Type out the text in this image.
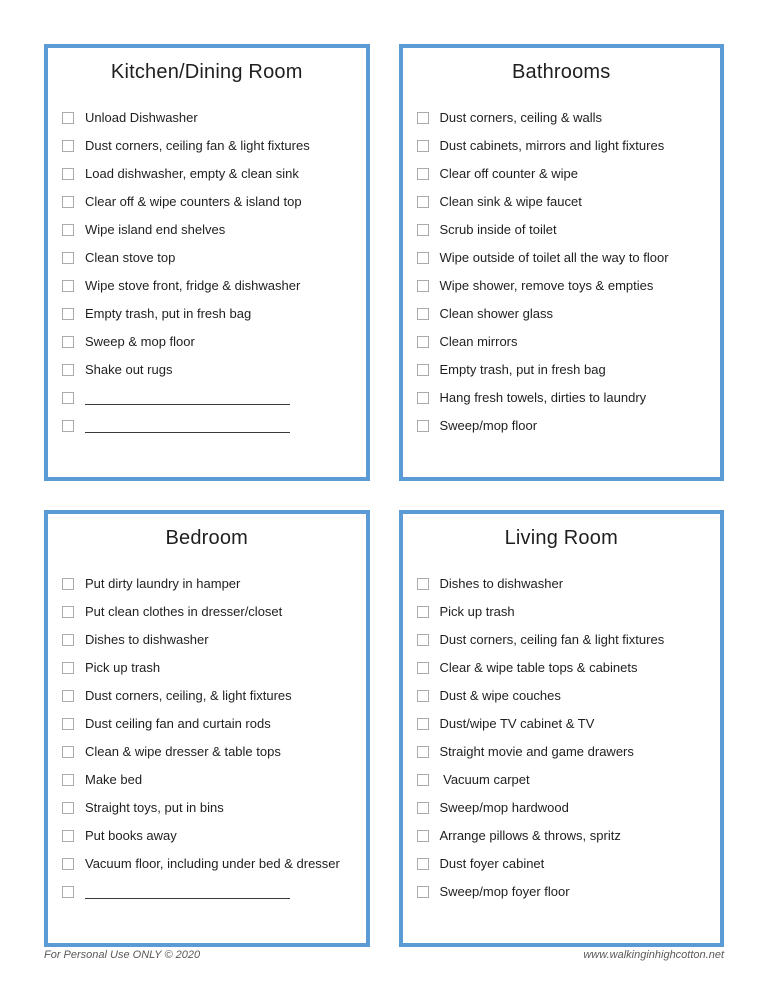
Kitchen/Dining Room
Unload Dishwasher
Dust corners, ceiling fan & light fixtures
Load dishwasher, empty & clean sink
Clear off & wipe counters & island top
Wipe island end shelves
Clean stove top
Wipe stove front, fridge & dishwasher
Empty trash, put in fresh bag
Sweep & mop floor
Shake out rugs
Bathrooms
Dust corners, ceiling & walls
Dust cabinets, mirrors and light fixtures
Clear off counter & wipe
Clean sink & wipe faucet
Scrub inside of toilet
Wipe outside of toilet all the way to floor
Wipe shower, remove toys & empties
Clean shower glass
Clean mirrors
Empty trash, put in fresh bag
Hang fresh towels, dirties to laundry
Sweep/mop floor
Bedroom
Put dirty laundry in hamper
Put clean clothes in dresser/closet
Dishes to dishwasher
Pick up trash
Dust corners, ceiling, & light fixtures
Dust ceiling fan and curtain rods
Clean & wipe dresser & table tops
Make bed
Straight toys, put in bins
Put books away
Vacuum floor, including under bed & dresser
Living Room
Dishes to dishwasher
Pick up trash
Dust corners, ceiling fan & light fixtures
Clear & wipe table tops & cabinets
Dust & wipe couches
Dust/wipe TV cabinet & TV
Straight movie and game drawers
Vacuum carpet
Sweep/mop hardwood
Arrange pillows & throws, spritz
Dust foyer cabinet
Sweep/mop foyer floor
For Personal Use ONLY © 2020	www.walkinginhighcotton.net
